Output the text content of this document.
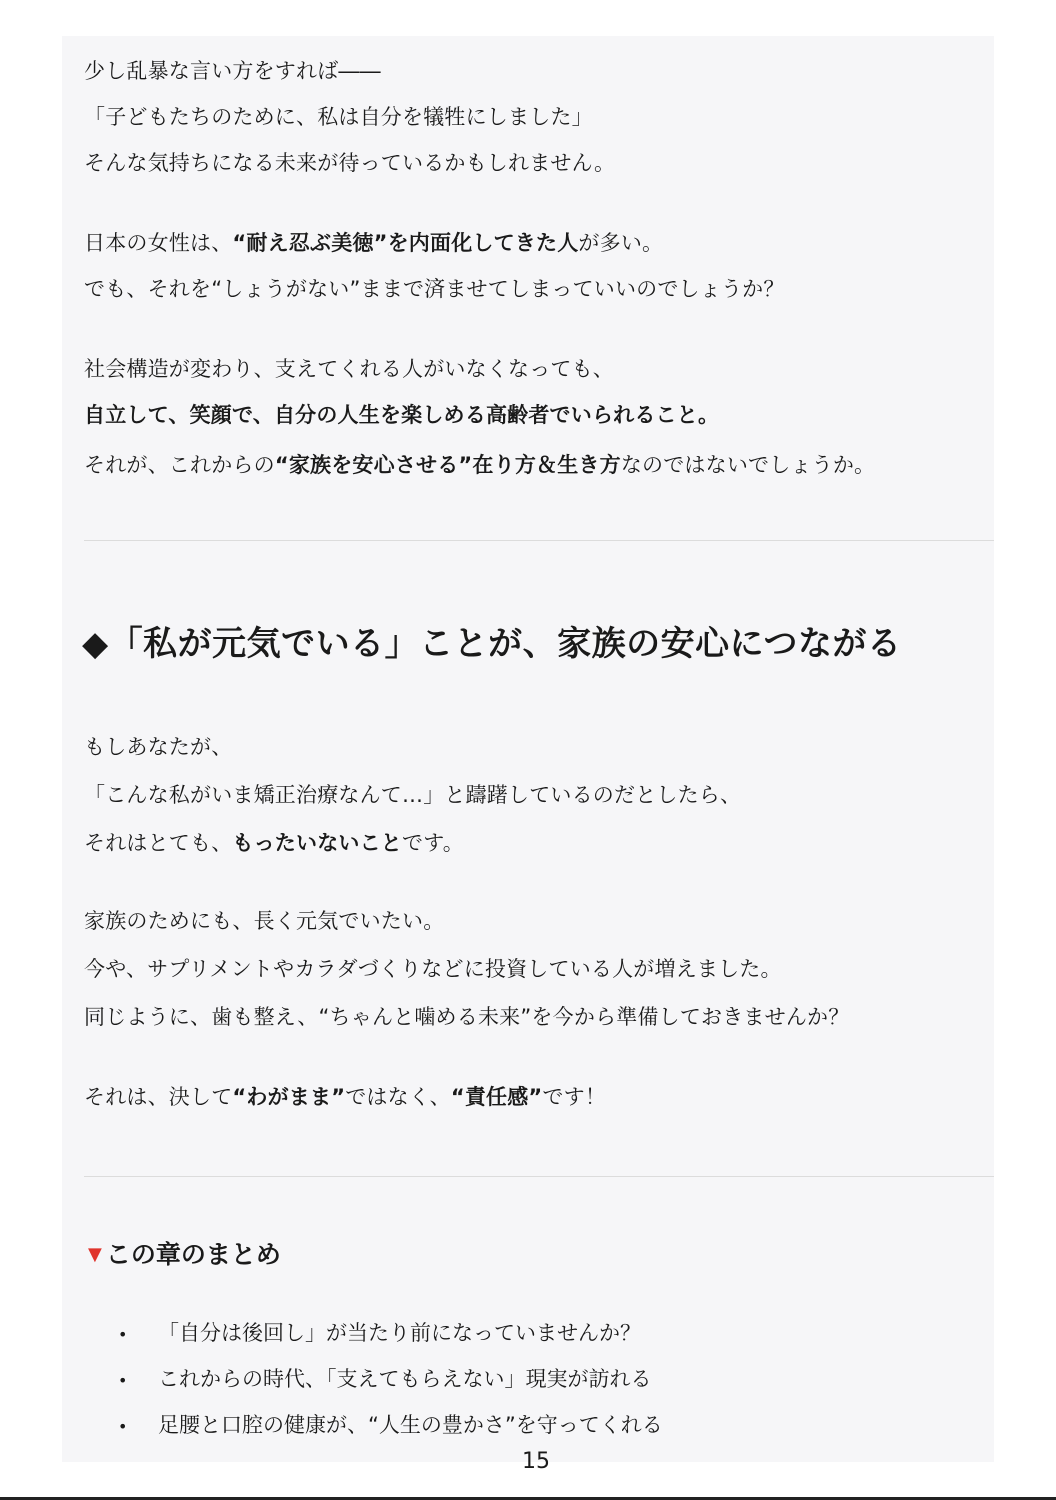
少し乱暴な言い方をすれば――
「子どもたちのために、私は自分を犠牲にしました」
そんな気持ちになる未来が待っているかもしれません。
日本の女性は、“耐え忍ぶ美徳”を内面化してきた人が多い。
でも、それを“しょうがない”ままで済ませてしまっていいのでしょうか？
社会構造が変わり、支えてくれる人がいなくなっても、
自立して、笑顔で、自分の人生を楽しめる高齢者でいられること。
それが、これからの“家族を安心させる”在り方＆生き方なのではないでしょうか。
◆「私が元気でいる」ことが、家族の安心につながる
もしあなたが、
「こんな私がいま矯正治療なんて…」と躊躇しているのだとしたら、
それはとても、もったいないことです。
家族のためにも、長く元気でいたい。
今や、サプリメントやカラダづくりなどに投資している人が増えました。
同じように、歯も整え、“ちゃんと噛める未来”を今から準備しておきませんか？
それは、決して“わがまま”ではなく、“責任感”です！
▼ この章のまとめ
• 「自分は後回し」が当たり前になっていませんか？
• これからの時代、「支えてもらえない」現実が訪れる
• 足腰と口腔の健康が、“人生の豊かさ”を守ってくれる
15
